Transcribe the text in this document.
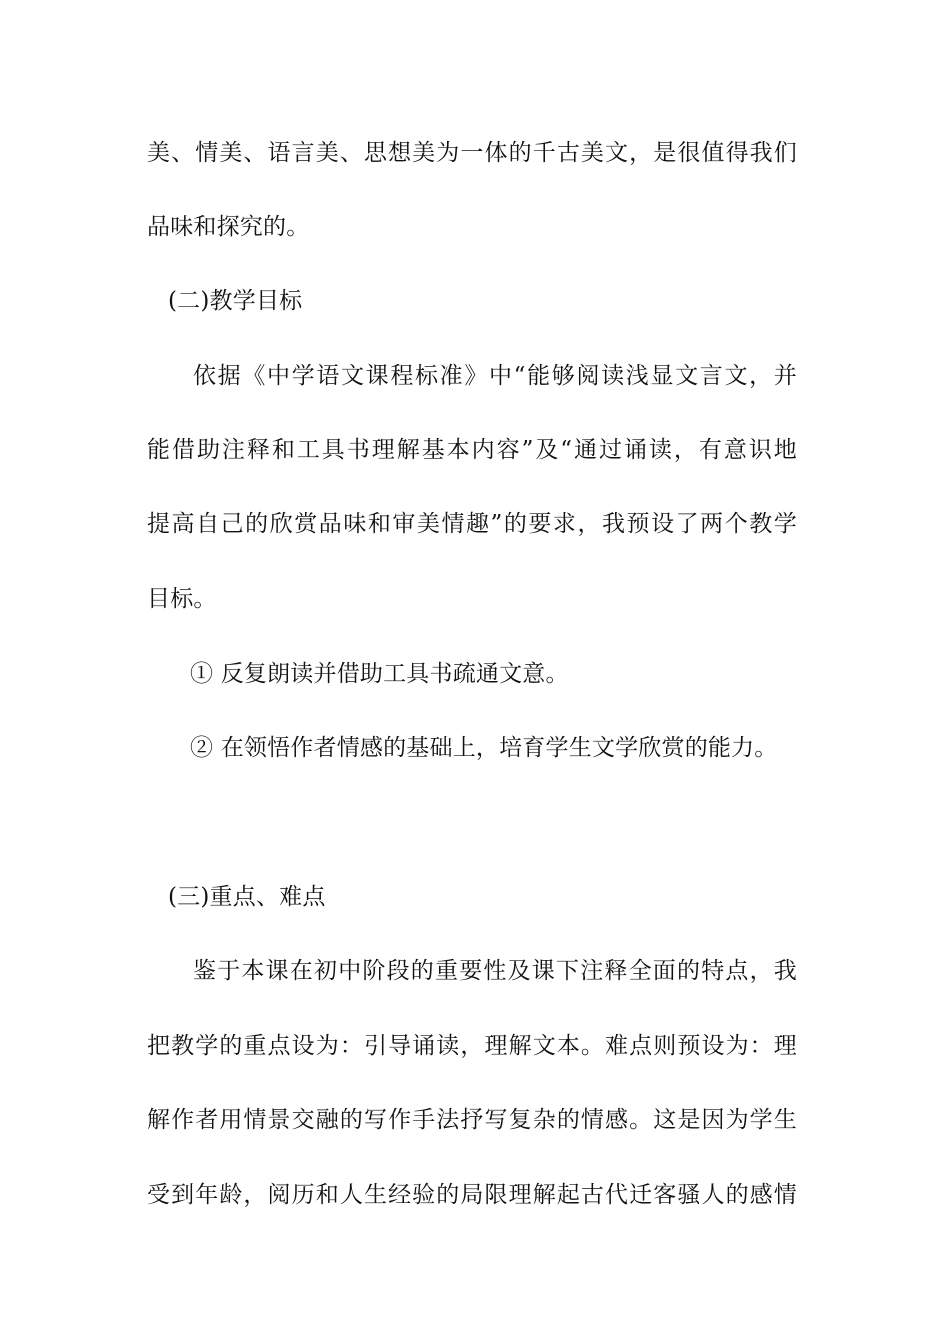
美、情美、语言美、思想美为一体的千古美文，是很值得我们
品味和探究的。
(二)教学目标
依据《中学语文课程标准》中“能够阅读浅显文言文，并
能借助注释和工具书理解基本内容”及“通过诵读，有意识地
提高自己的欣赏品味和审美情趣”的要求，我预设了两个教学
目标。
① 反复朗读并借助工具书疏通文意。
② 在领悟作者情感的基础上，培育学生文学欣赏的能力。
(三)重点、难点
鉴于本课在初中阶段的重要性及课下注释全面的特点，我
把教学的重点设为：引导诵读，理解文本。难点则预设为：理
解作者用情景交融的写作手法抒写复杂的情感。这是因为学生
受到年龄，阅历和人生经验的局限理解起古代迁客骚人的感情
